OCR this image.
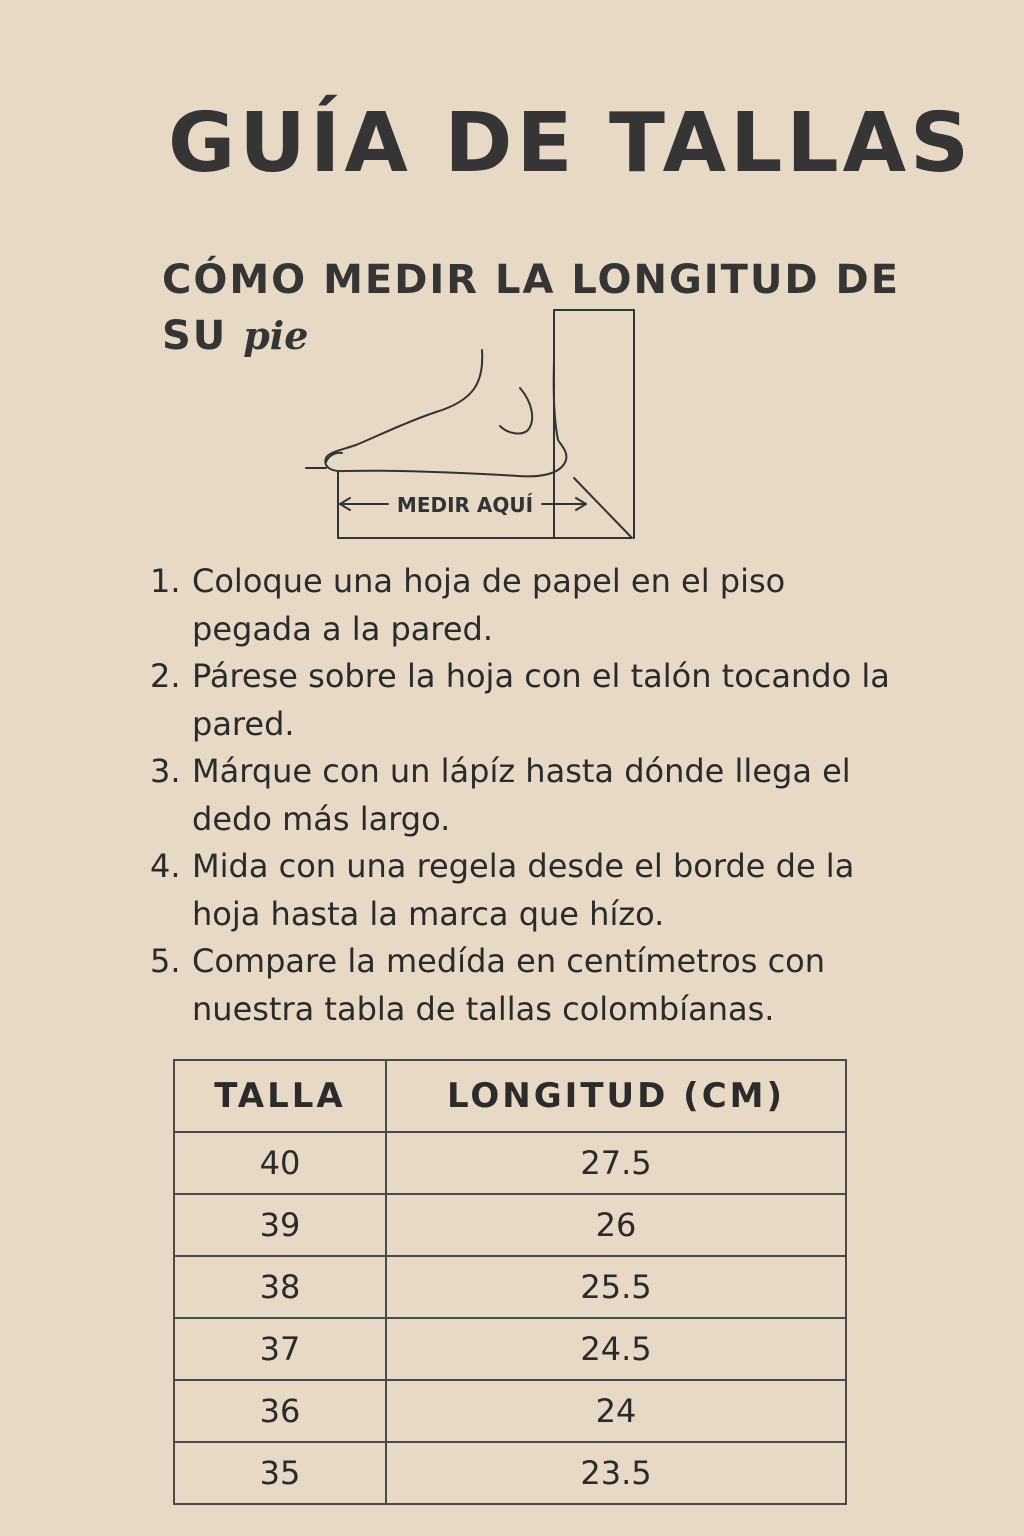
GUÍA DE TALLAS
CÓMO MEDIR LA LONGITUD DE SU pie
MEDIR AQUÍ
1. Coloque una hoja de papel en el piso pegada a la pared.
2. Párese sobre la hoja con el talón tocando la pared.
3. Márque con un lápíz hasta dónde llega el dedo más largo.
4. Mida con una regela desde el borde de la hoja hasta la marca que hízo.
5. Compare la medída en centímetros con nuestra tabla de tallas colombíanas.
TALLA	LONGITUD (CM)
40	27.5
39	26
38	25.5
37	24.5
36	24
35	23.5
